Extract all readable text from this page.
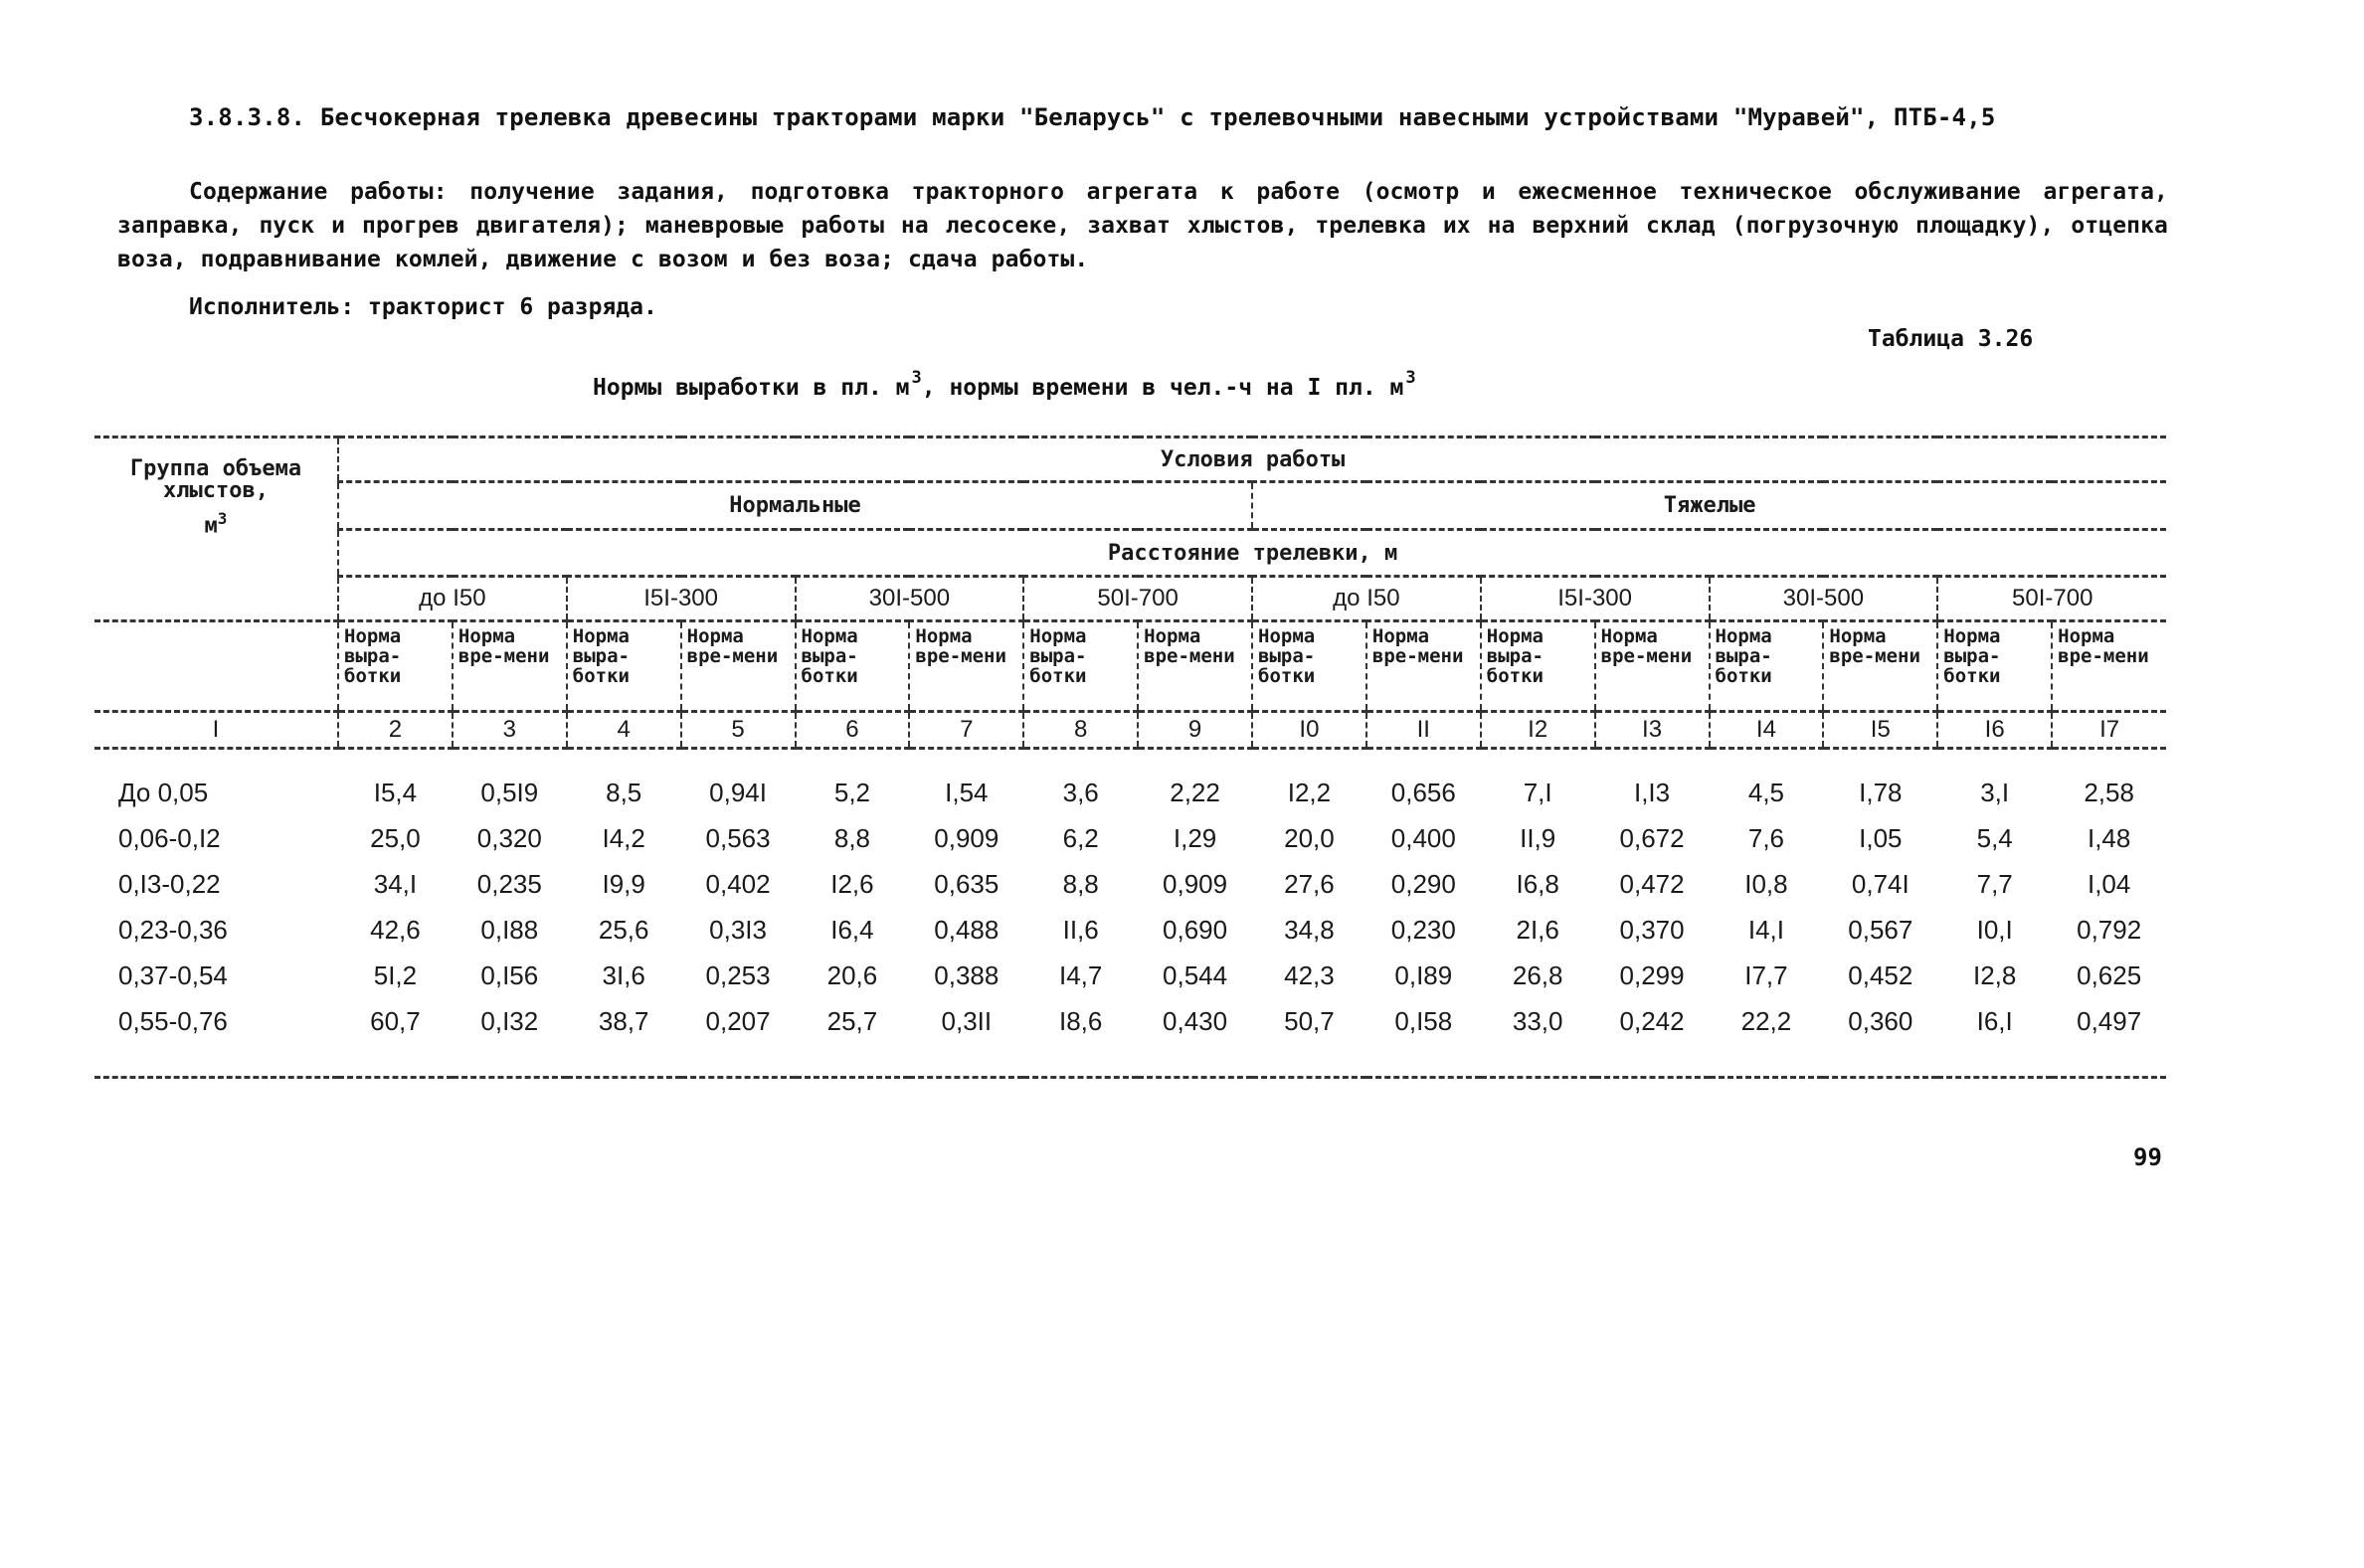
3.8.3.8. Бесчокерная трелевка древесины тракторами марки "Беларусь" с трелевочными навесными устройствами "Муравей", ПТБ-4,5
Содержание работы: получение задания, подготовка тракторного агрегата к работе (осмотр и ежесменное техническое обслуживание агрегата, заправка, пуск и прогрев двигателя); маневровые работы на лесосеке, захват хлыстов, трелевка их на верхний склад (погрузочную площадку), отцепка воза, подравнивание комлей, движение с возом и без воза; сдача работы.
Исполнитель: тракторист 6 разряда.
Таблица 3.26
Нормы выработки в пл. м $^3$, нормы времени в чел.-ч на I пл. м $^3$
Группа объема хлыстов,
$м^3$	Условия работы															
	Нормальные								Тяжелые							
	Расстояние трелевки, м															
	до I50		I5I-300		30I-500		50I-700		до I50		I5I-300		30I-500		50I-700	
	Норма выра-ботки	Норма вре-мени	Норма выра-ботки	Норма вре-мени	Норма выра-ботки	Норма вре-мени	Норма выра-ботки	Норма вре-мени	Норма выра-ботки	Норма вре-мени	Норма выра-ботки	Норма вре-мени	Норма выра-ботки	Норма вре-мени	Норма выра-ботки	Норма вре-мени
I	2	3	4	5	6	7	8	9	I0	II	I2	I3	I4	I5	I6	I7
До 0,05	I5,4	0,5I9	8,5	0,94I	5,2	I,54	3,6	2,22	I2,2	0,656	7,I	I,I3	4,5	I,78	3,I	2,58
0,06-0,I2	25,0	0,320	I4,2	0,563	8,8	0,909	6,2	I,29	20,0	0,400	II,9	0,672	7,6	I,05	5,4	I,48
0,I3-0,22	34,I	0,235	I9,9	0,402	I2,6	0,635	8,8	0,909	27,6	0,290	I6,8	0,472	I0,8	0,74I	7,7	I,04
0,23-0,36	42,6	0,I88	25,6	0,3I3	I6,4	0,488	II,6	0,690	34,8	0,230	2I,6	0,370	I4,I	0,567	I0,I	0,792
0,37-0,54	5I,2	0,I56	3I,6	0,253	20,6	0,388	I4,7	0,544	42,3	0,I89	26,8	0,299	I7,7	0,452	I2,8	0,625
0,55-0,76	60,7	0,I32	38,7	0,207	25,7	0,3II	I8,6	0,430	50,7	0,I58	33,0	0,242	22,2	0,360	I6,I	0,497

99
